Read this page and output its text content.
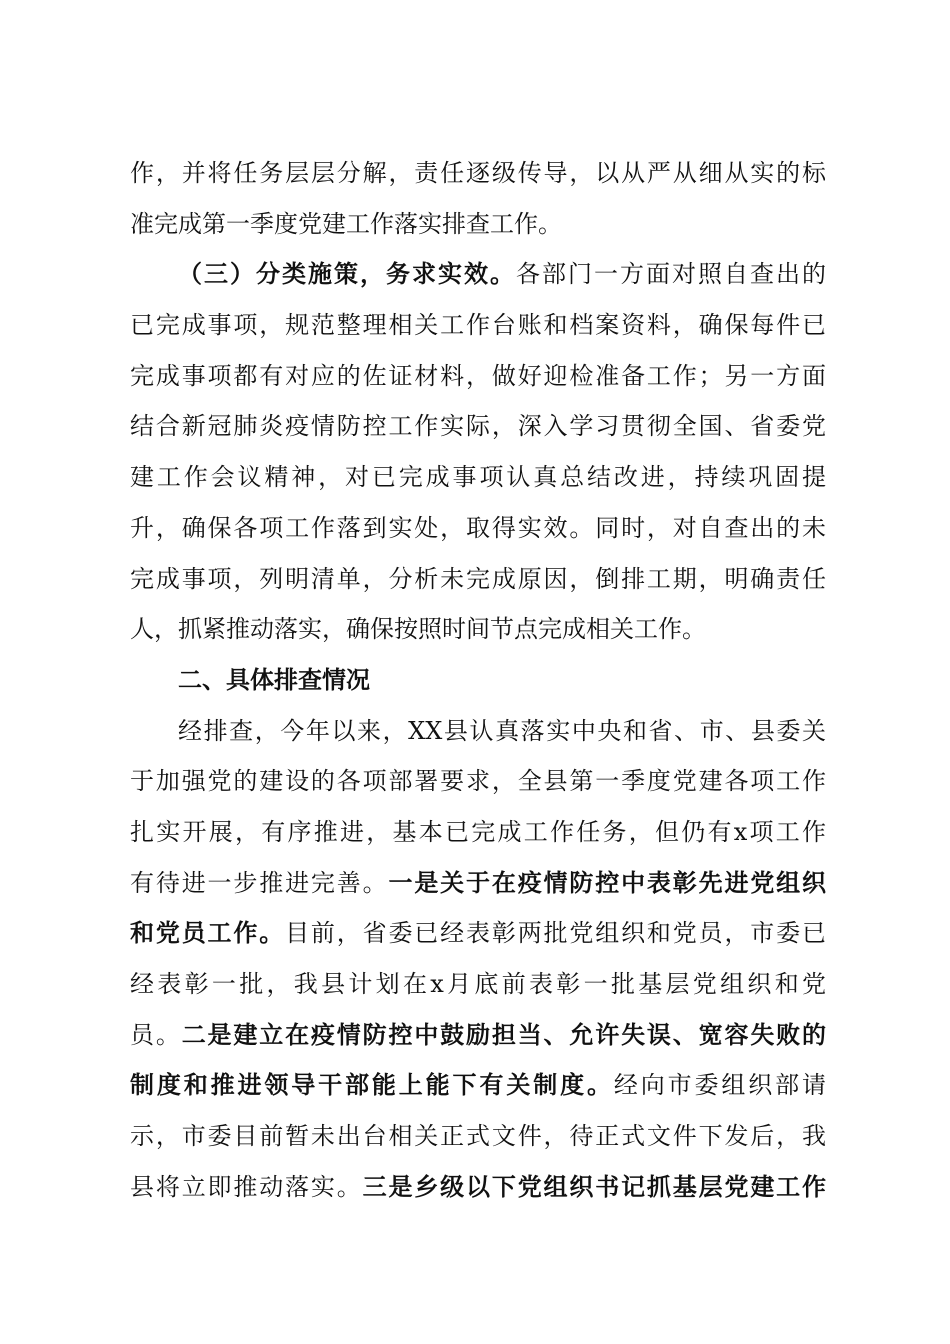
作，并将任务层层分解，责任逐级传导，以从严从细从实的标
准完成第一季度党建工作落实排查工作。
（三）分类施策，务求实效。各部门一方面对照自查出的
已完成事项，规范整理相关工作台账和档案资料，确保每件已
完成事项都有对应的佐证材料，做好迎检准备工作；另一方面
结合新冠肺炎疫情防控工作实际，深入学习贯彻全国、省委党
建工作会议精神，对已完成事项认真总结改进，持续巩固提
升，确保各项工作落到实处，取得实效。同时，对自查出的未
完成事项，列明清单，分析未完成原因，倒排工期，明确责任
人，抓紧推动落实，确保按照时间节点完成相关工作。
二、具体排查情况
经排查，今年以来，XX县认真落实中央和省、市、县委关
于加强党的建设的各项部署要求，全县第一季度党建各项工作
扎实开展，有序推进，基本已完成工作任务，但仍有x项工作
有待进一步推进完善。一是关于在疫情防控中表彰先进党组织
和党员工作。目前，省委已经表彰两批党组织和党员，市委已
经表彰一批，我县计划在x月底前表彰一批基层党组织和党
员。二是建立在疫情防控中鼓励担当、允许失误、宽容失败的
制度和推进领导干部能上能下有关制度。经向市委组织部请
示，市委目前暂未出台相关正式文件，待正式文件下发后，我
县将立即推动落实。三是乡级以下党组织书记抓基层党建工作
